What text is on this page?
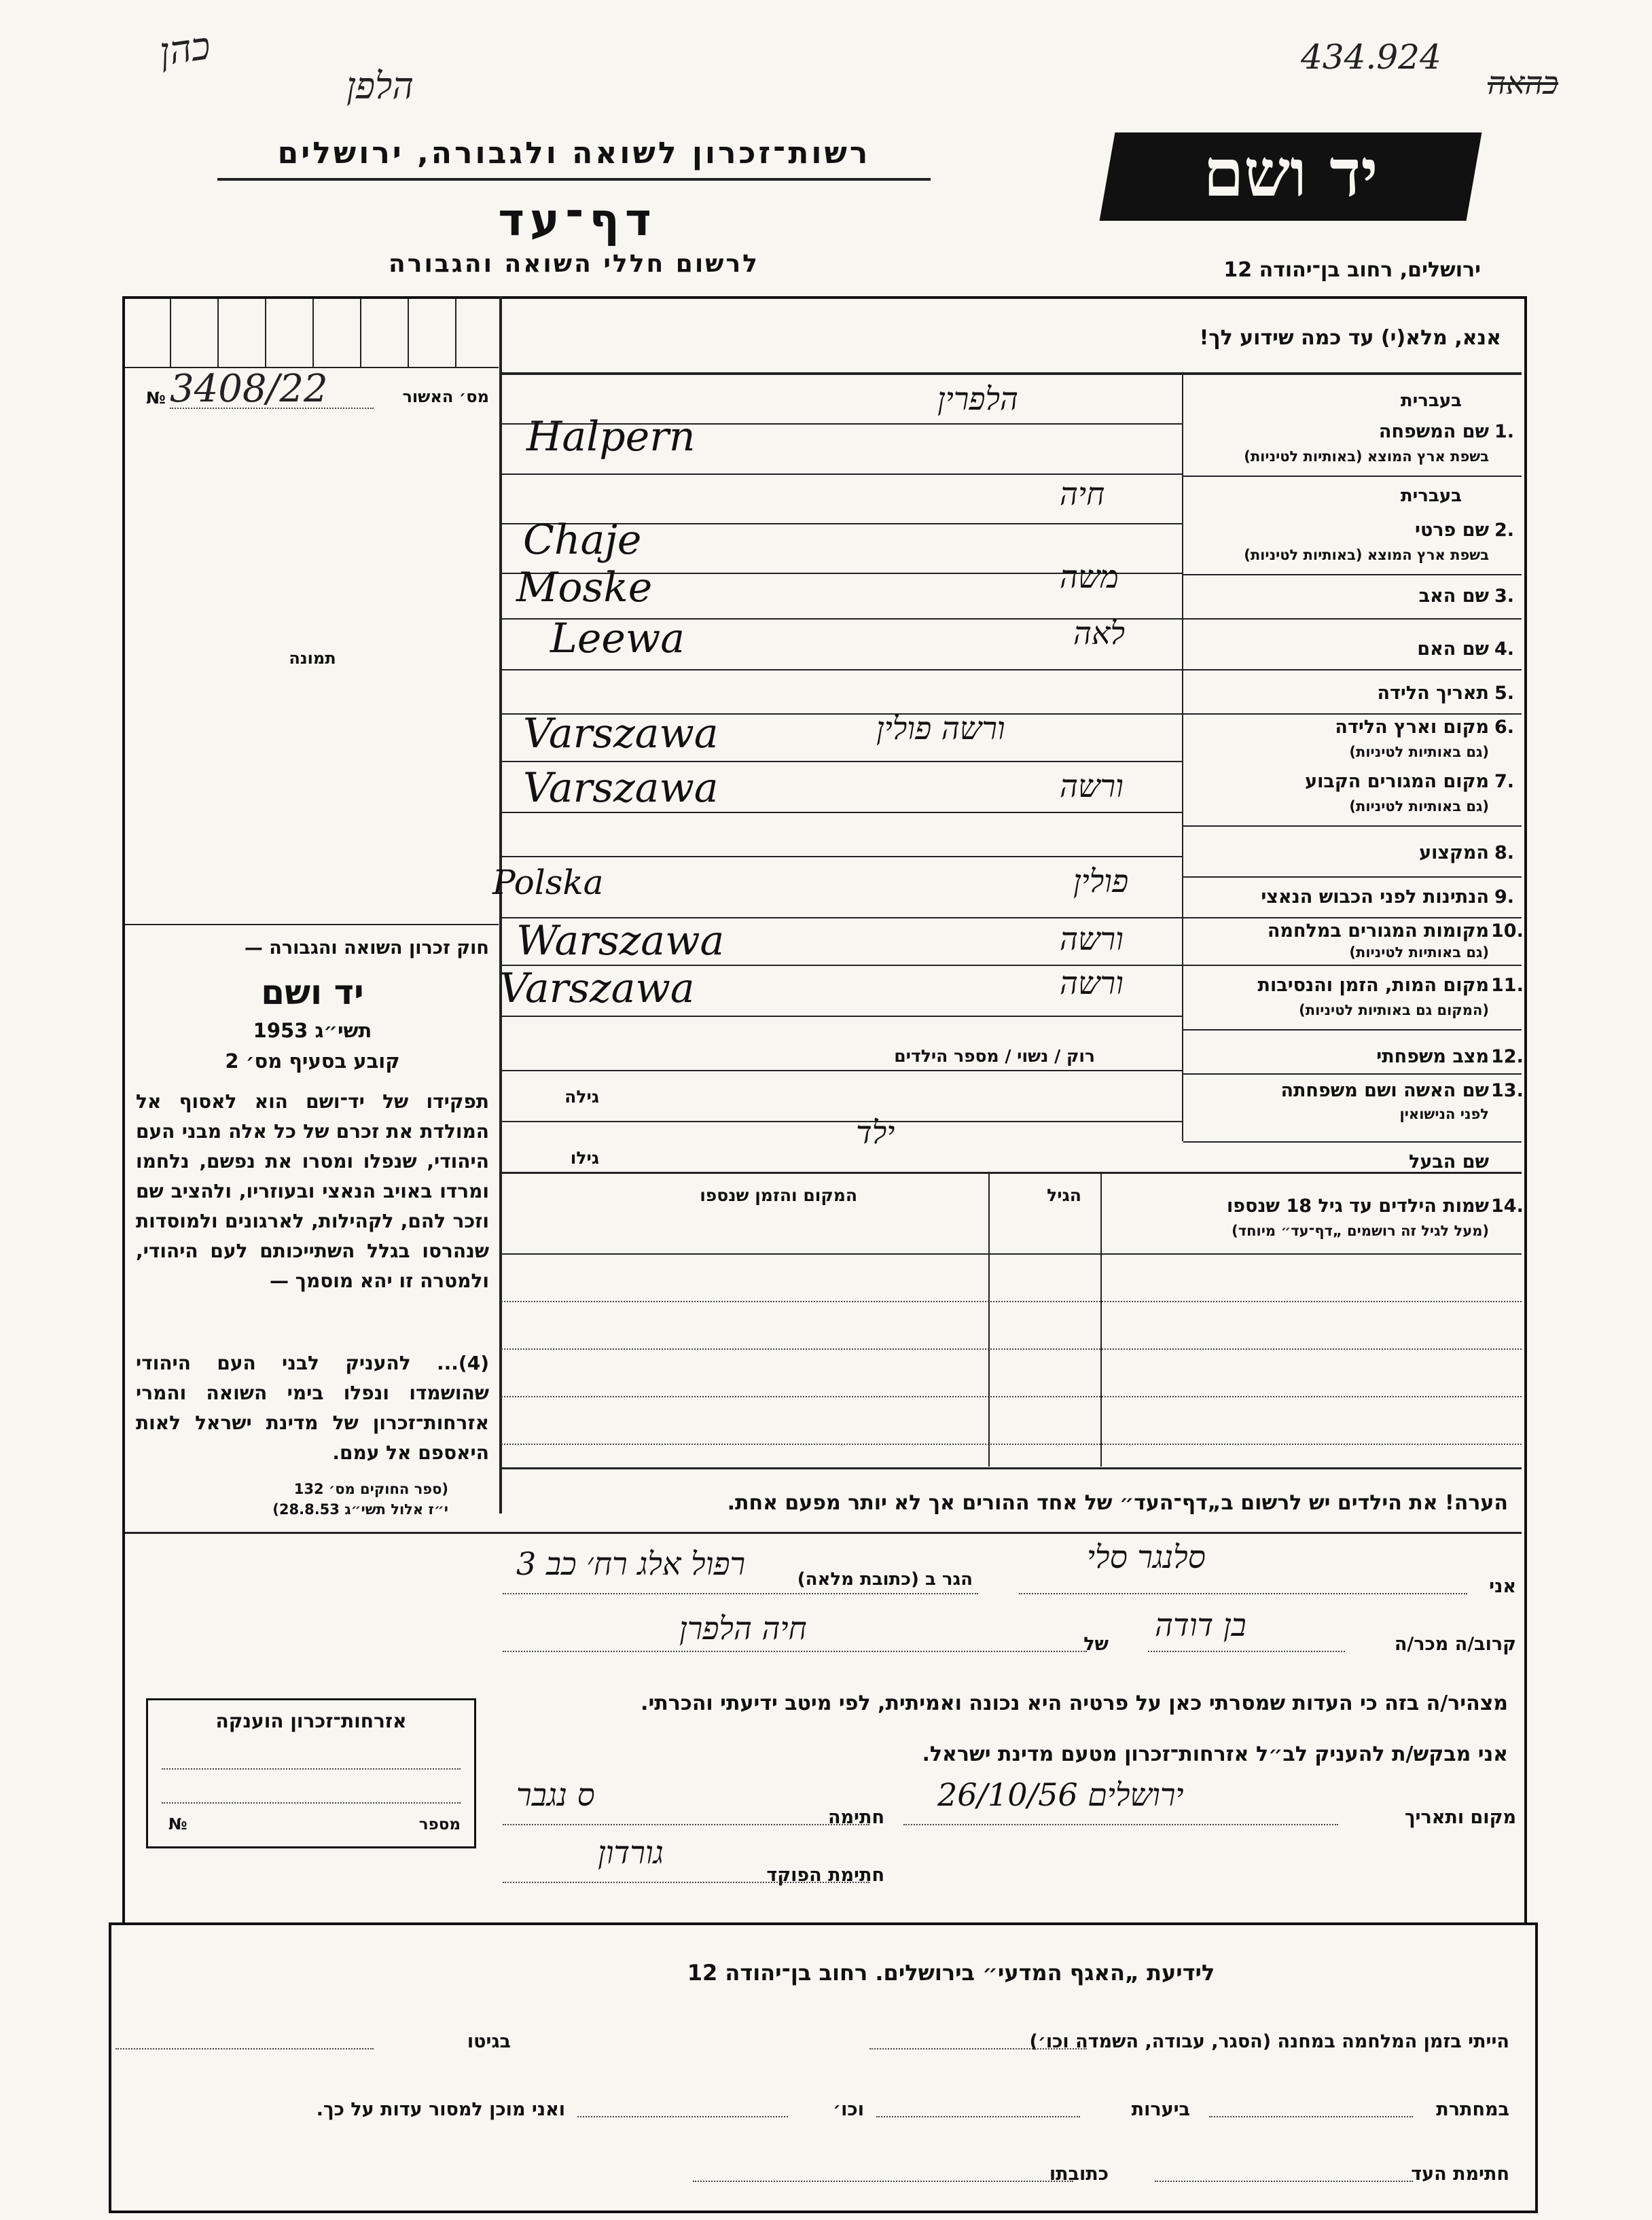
כהן
הלפן
434.924
כהאה
רשות־זכרון לשואה ולגבורה, ירושלים
דף־עד
לרשום חללי השואה והגבורה
יד ושם
ירושלים, רחוב בן־יהודה 12
מס׳ האשור
№ 3408/22
תמונה
חוק זכרון השואה והגבורה —
יד ושם
תשי״ג 1953
קובע בסעיף מס׳ 2
תפקידו של יד־ושם הוא לאסוף אל המולדת את זכרם של כל אלה מבני העם היהודי, שנפלו ומסרו את נפשם, נלחמו ומרדו באויב הנאצי ובעוזריו, ולהציב שם וזכר להם, לקהילות, לארגונים ולמוסדות שנהרסו בגלל השתייכותם לעם היהודי, ולמטרה זו יהא מוסמך —
(4)... להעניק לבני העם היהודי שהושמדו ונפלו בימי השואה והמרי אזרחות־זכרון של מדינת ישראל לאות היאספם אל עמם.
(ספר החוקים מס׳ 132
י״ז אלול תשי״ג 28.8.53)
אזרחות־זכרון הוענקה
מספר
№
אנא, מלא(י) עד כמה שידוע לך!
בעברית
1.
שם המשפחה
בשפת ארץ המוצא (באותיות לטיניות)
הלפרין
Halpern
בעברית
2.
שם פרטי
בשפת ארץ המוצא (באותיות לטיניות)
חיה
Chaje
3.
שם האב
משה
Moske
4.
שם האם
לאה
Leewa
5.
תאריך הלידה
6.
מקום וארץ הלידה
(גם באותיות לטיניות)
ורשה פולין
Varszawa
7.
מקום המגורים הקבוע
(גם באותיות לטיניות)
ורשה
Varszawa
8.
המקצוע
9.
הנתינות לפני הכבוש הנאצי
פולין
Polska
10.
מקומות המגורים במלחמה
(גם באותיות לטיניות)
ורשה
Warszawa
11.
מקום המות, הזמן והנסיבות
(המקום גם באותיות לטיניות)
ורשה
Varszawa
12.
מצב משפחתי
רוק / נשוי / מספר הילדים
13.
שם האשה ושם משפחתה
לפני הנישואין
גילה
שם הבעל
גילו
ילד
14.
שמות הילדים עד גיל 18 שנספו
(מעל לגיל זה רושמים „דף־עד״ מיוחד)
הגיל
המקום והזמן שנספו
הערה! את הילדים יש לרשום ב„דף־העד״ של אחד ההורים אך לא יותר מפעם אחת.
אני
סלנגר סלי
הגר ב (כתובת מלאה)
רפול אלג רח׳ כב 3
קרוב/ה מכר/ה
בן דודה
של
חיה הלפרן
מצהיר/ה בזה כי העדות שמסרתי כאן על פרטיה היא נכונה ואמיתית, לפי מיטב ידיעתי והכרתי.
אני מבקש/ת להעניק לב״ל אזרחות־זכרון מטעם מדינת ישראל.
מקום ותאריך
ירושלים 26/10/56
חתימה
ס נגבר
חתימת הפוקד
גורדון
לידיעת „האגף המדעי״ בירושלים. רחוב בן־יהודה 12
הייתי בזמן המלחמה במחנה (הסגר, עבודה, השמדה וכו׳)
בגיטו
במחתרת
ביערות
וכו׳
ואני מוכן למסור עדות על כך.
חתימת העד
כתובתו
